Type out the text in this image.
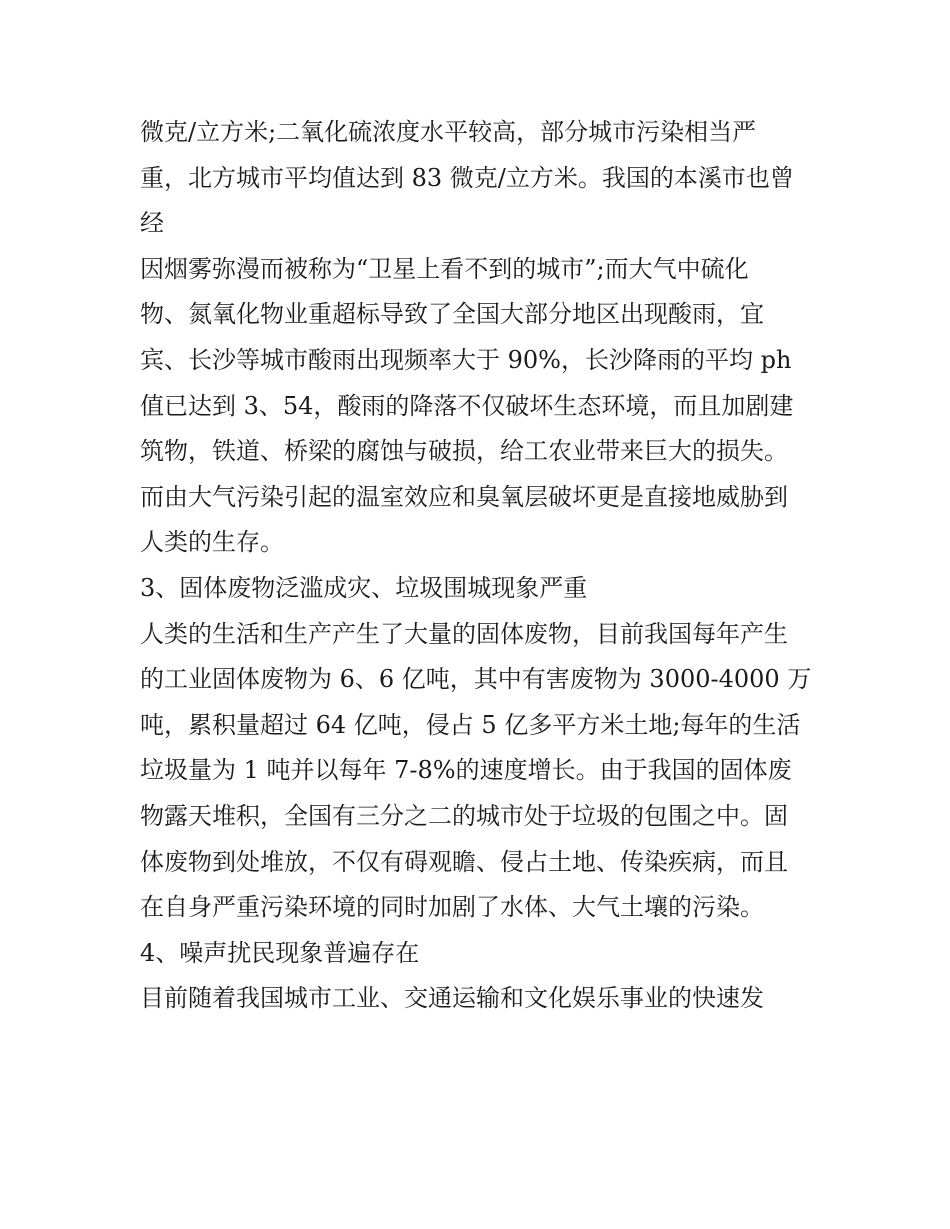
微克/立方米;二氧化硫浓度水平较高，部分城市污染相当严
重，北方城市平均值达到 83 微克/立方米。我国的本溪市也曾
经
因烟雾弥漫而被称为“卫星上看不到的城市”;而大气中硫化
物、氮氧化物业重超标导致了全国大部分地区出现酸雨，宜
宾、长沙等城市酸雨出现频率大于 90%，长沙降雨的平均 ph
值已达到 3、54，酸雨的降落不仅破坏生态环境，而且加剧建
筑物，铁道、桥梁的腐蚀与破损，给工农业带来巨大的损失。
而由大气污染引起的温室效应和臭氧层破坏更是直接地威胁到
人类的生存。
3、固体废物泛滥成灾、垃圾围城现象严重
人类的生活和生产产生了大量的固体废物，目前我国每年产生
的工业固体废物为 6、6 亿吨，其中有害废物为 3000-4000 万
吨，累积量超过 64 亿吨，侵占 5 亿多平方米土地;每年的生活
垃圾量为 1 吨并以每年 7-8%的速度增长。由于我国的固体废
物露天堆积，全国有三分之二的城市处于垃圾的包围之中。固
体废物到处堆放，不仅有碍观瞻、侵占土地、传染疾病，而且
在自身严重污染环境的同时加剧了水体、大气土壤的污染。
4、噪声扰民现象普遍存在
目前随着我国城市工业、交通运输和文化娱乐事业的快速发
